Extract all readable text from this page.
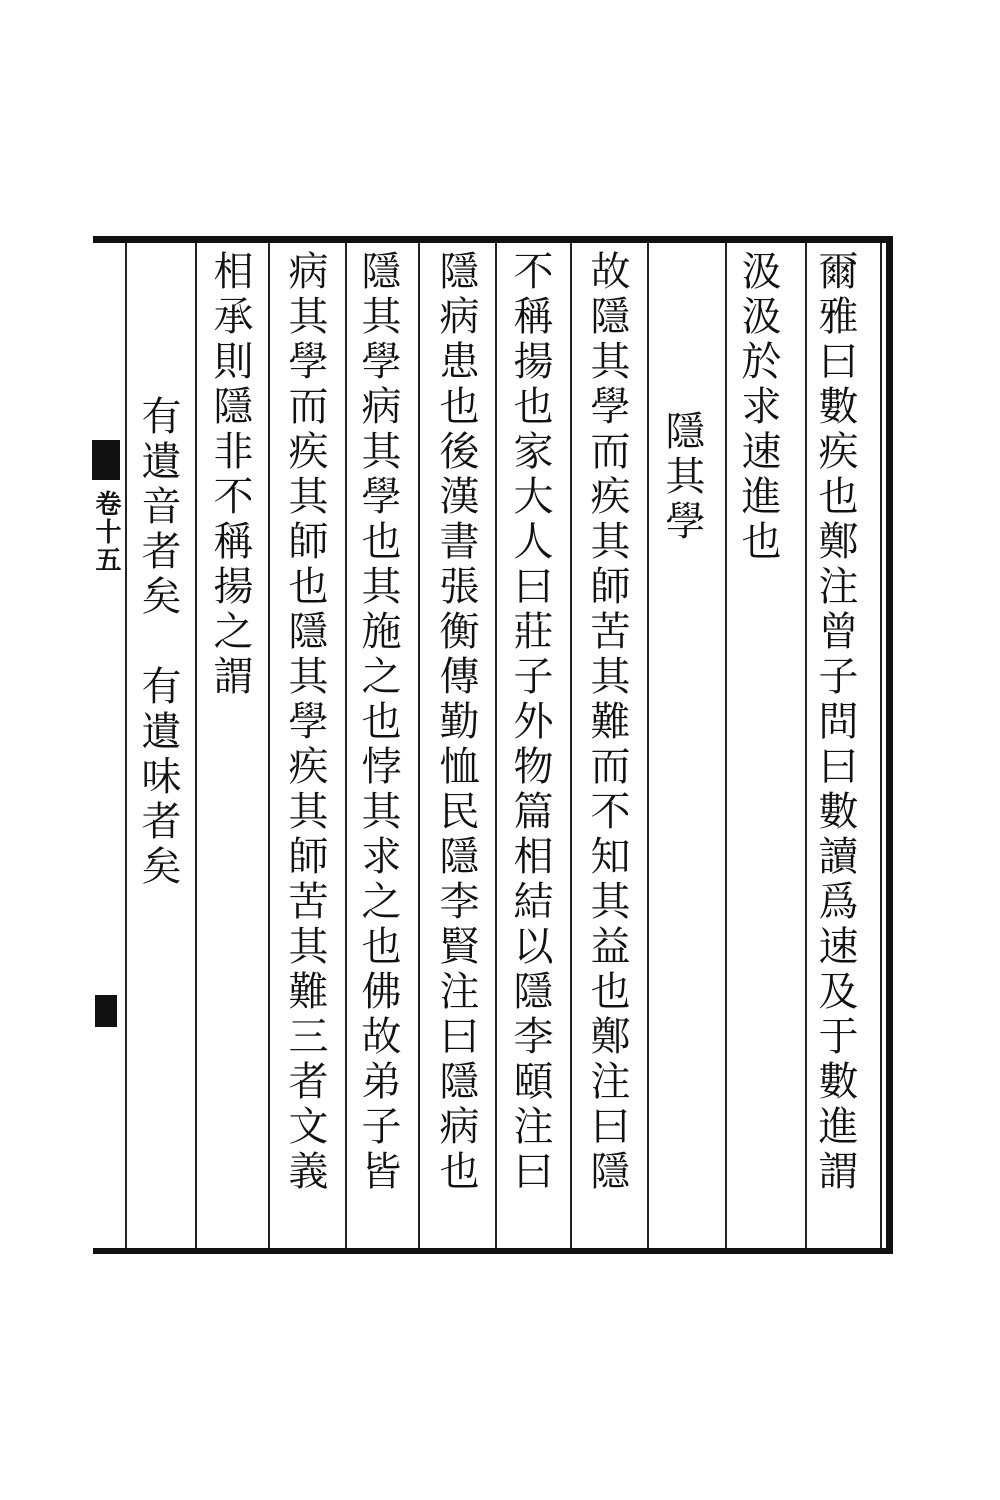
爾雅曰數疾也鄭注曾子問曰數讀爲速及于數進謂
汲汲於求速進也
隱其學
故隱其學而疾其師苦其難而不知其益也鄭注曰隱
不稱揚也家大人曰莊子外物篇相結以隱李頤注曰
隱病患也後漢書張衡傳勤恤民隱李賢注曰隱病也
隱其學病其學也其施之也悖其求之也佛故弟子皆
病其學而疾其師也隱其學疾其師苦其難三者文義
相承則隱非不稱揚之謂
有遺音者矣　有遺味者矣
卷十五
